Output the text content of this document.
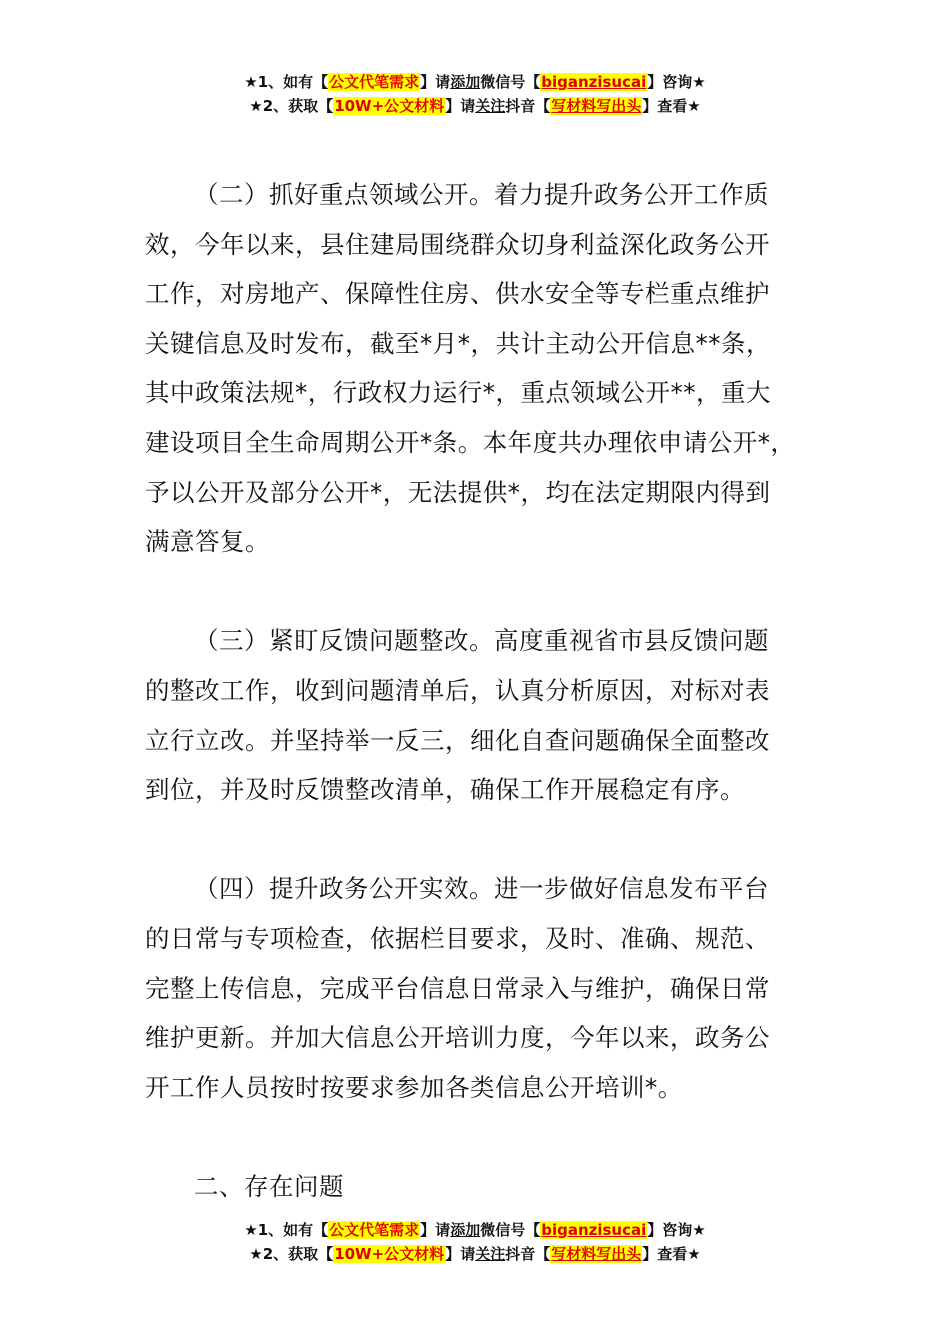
★1、如有【公文代笔需求】请添加微信号【biganzisucai】咨询★
★2、获取【10W+公文材料】请关注抖音【写材料写出头】查看★
（二）抓好重点领域公开。着力提升政务公开工作质
效，今年以来，县住建局围绕群众切身利益深化政务公开
工作，对房地产、保障性住房、供水安全等专栏重点维护
关键信息及时发布，截至*月*，共计主动公开信息**条，
其中政策法规*，行政权力运行*，重点领域公开**，重大
建设项目全生命周期公开*条。本年度共办理依申请公开*，
予以公开及部分公开*，无法提供*，均在法定期限内得到
满意答复。
（三）紧盯反馈问题整改。高度重视省市县反馈问题
的整改工作，收到问题清单后，认真分析原因，对标对表
立行立改。并坚持举一反三，细化自查问题确保全面整改
到位，并及时反馈整改清单，确保工作开展稳定有序。
（四）提升政务公开实效。进一步做好信息发布平台
的日常与专项检查，依据栏目要求，及时、准确、规范、
完整上传信息，完成平台信息日常录入与维护，确保日常
维护更新。并加大信息公开培训力度，今年以来，政务公
开工作人员按时按要求参加各类信息公开培训*。
二、存在问题
★1、如有【公文代笔需求】请添加微信号【biganzisucai】咨询★
★2、获取【10W+公文材料】请关注抖音【写材料写出头】查看★
